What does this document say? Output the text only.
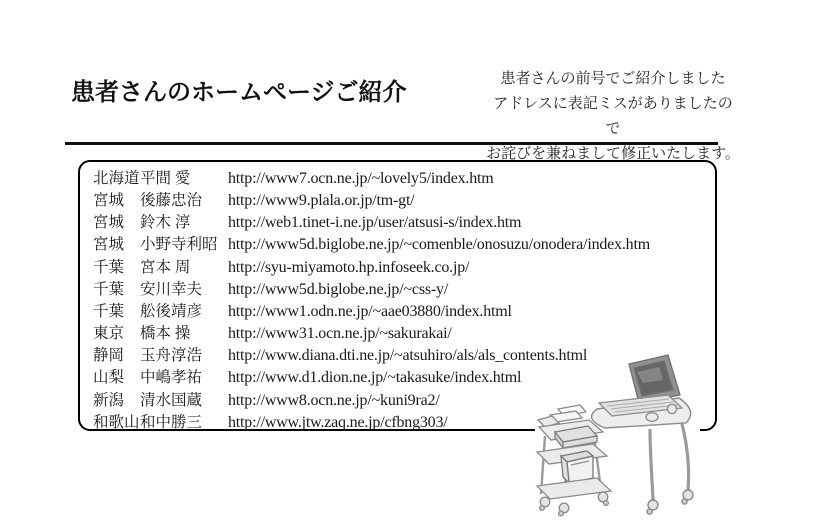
患者さんのホームページご紹介
患者さんの前号でご紹介しました
アドレスに表記ミスがありましたので
お詫びを兼ねまして修正いたします。
北海道 平間 愛 http://www7.ocn.ne.jp/~lovely5/index.htm
宮城 後藤忠治 http://www9.plala.or.jp/tm-gt/
宮城 鈴木 淳 http://web1.tinet-i.ne.jp/user/atsusi-s/index.htm
宮城 小野寺利昭 http://www5d.biglobe.ne.jp/~comenble/onosuzu/onodera/index.htm
千葉 宮本 周 http://syu-miyamoto.hp.infoseek.co.jp/
千葉 安川幸夫 http://www5d.biglobe.ne.jp/~css-y/
千葉 舩後靖彦 http://www1.odn.ne.jp/~aae03880/index.html
東京 橋本 操 http://www31.ocn.ne.jp/~sakurakai/
静岡 玉舟淳浩 http://www.diana.dti.ne.jp/~atsuhiro/als/als_contents.html
山梨 中嶋孝祐 http://www.d1.dion.ne.jp/~takasuke/index.html
新潟 清水国蔵 http://www8.ocn.ne.jp/~kuni9ra2/
和歌山 和中勝三 http://www.jtw.zaq.ne.jp/cfbng303/
